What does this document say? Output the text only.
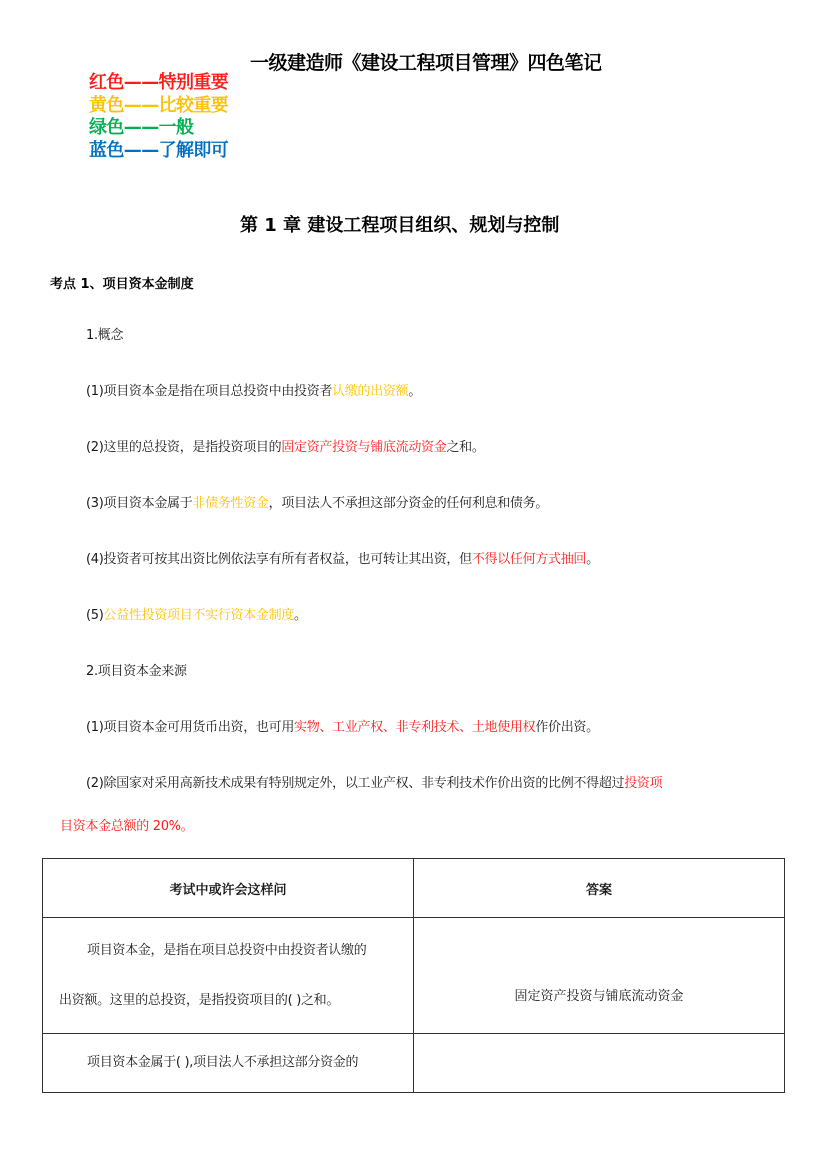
一级建造师《建设工程项目管理》四色笔记
红色——特别重要
黄色——比较重要
绿色——一般
蓝色——了解即可
第 1 章 建设工程项目组织、规划与控制
考点 1、项目资本金制度
1.概念
(1)项目资本金是指在项目总投资中由投资者认缴的出资额。
(2)这里的总投资，是指投资项目的固定资产投资与铺底流动资金之和。
(3)项目资本金属于非债务性资金，项目法人不承担这部分资金的任何利息和债务。
(4)投资者可按其出资比例依法享有所有者权益，也可转让其出资，但不得以任何方式抽回。
(5)公益性投资项目不实行资本金制度。
2.项目资本金来源
(1)项目资本金可用货币出资，也可用实物、工业产权、非专利技术、土地使用权作价出资。
(2)除国家对采用高新技术成果有特别规定外，以工业产权、非专利技术作价出资的比例不得超过投资项
目资本金总额的 20%。
考试中或许会这样问	答案

项目资本金，是指在项目总投资中由投资者认缴的
出资额。这里的总投资，是指投资项目的( )之和。	固定资产投资与铺底流动资金

项目资本金属于( ),项目法人不承担这部分资金的	
